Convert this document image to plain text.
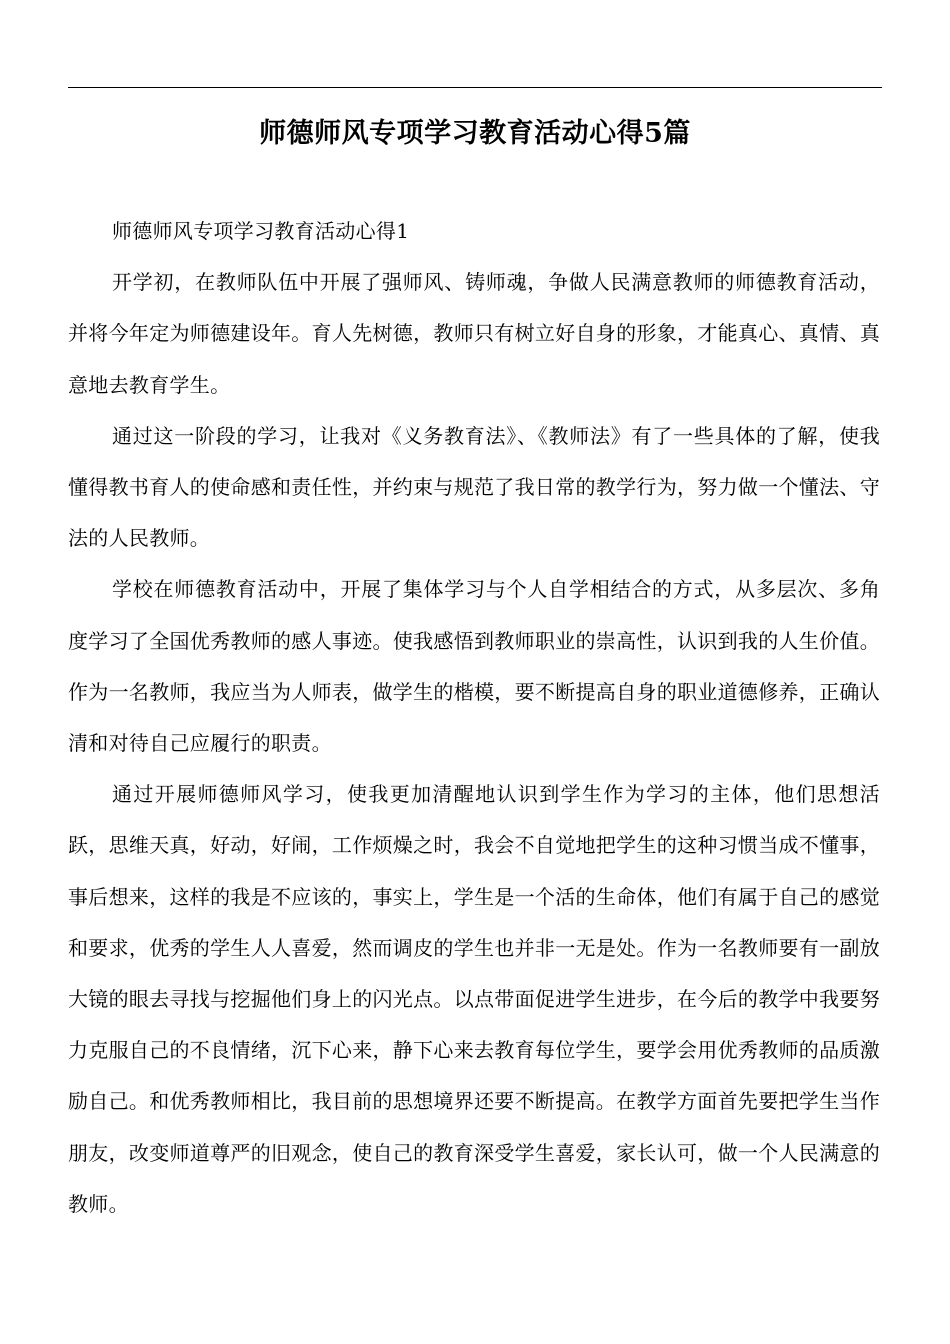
师德师风专项学习教育活动心得5篇

师德师风专项学习教育活动心得1

开学初，在教师队伍中开展了强师风、铸师魂，争做人民满意教师的师德教育活动，并将今年定为师德建设年。育人先树德，教师只有树立好自身的形象，才能真心、真情、真意地去教育学生。

通过这一阶段的学习，让我对《义务教育法》、《教师法》有了一些具体的了解，使我懂得教书育人的使命感和责任性，并约束与规范了我日常的教学行为，努力做一个懂法、守法的人民教师。

学校在师德教育活动中，开展了集体学习与个人自学相结合的方式，从多层次、多角度学习了全国优秀教师的感人事迹。使我感悟到教师职业的崇高性，认识到我的人生价值。作为一名教师，我应当为人师表，做学生的楷模，要不断提高自身的职业道德修养，正确认清和对待自己应履行的职责。

通过开展师德师风学习，使我更加清醒地认识到学生作为学习的主体，他们思想活跃，思维天真，好动，好闹，工作烦燥之时，我会不自觉地把学生的这种习惯当成不懂事，事后想来，这样的我是不应该的，事实上，学生是一个活的生命体，他们有属于自己的感觉和要求，优秀的学生人人喜爱，然而调皮的学生也并非一无是处。作为一名教师要有一副放大镜的眼去寻找与挖掘他们身上的闪光点。以点带面促进学生进步，在今后的教学中我要努力克服自己的不良情绪，沉下心来，静下心来去教育每位学生，要学会用优秀教师的品质激励自己。和优秀教师相比，我目前的思想境界还要不断提高。在教学方面首先要把学生当作朋友，改变师道尊严的旧观念，使自己的教育深受学生喜爱，家长认可，做一个人民满意的教师。
